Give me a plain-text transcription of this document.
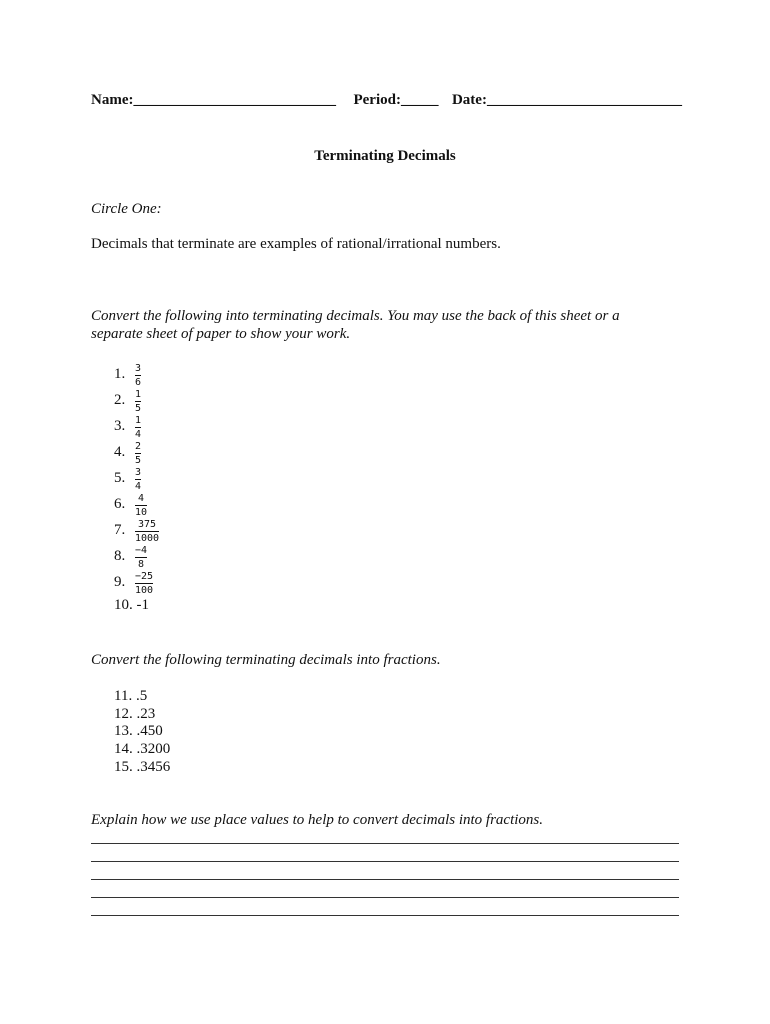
Name:___________________________ Period:_____ Date:__________________________
Terminating Decimals
Circle One:
Decimals that terminate are examples of rational/irrational numbers.
Convert the following into terminating decimals. You may use the back of this sheet or a
separate sheet of paper to show your work.
1. 3
6
2. 1
5
3. 1
4
4. 2
5
5. 3
4
6. 4
10
7. 375
1000
8. −4
8
9. −25
100
10. -1
Convert the following terminating decimals into fractions.
11. .5
12. .23
13. .450
14. .3200
15. .3456
Explain how we use place values to help to convert decimals into fractions.
